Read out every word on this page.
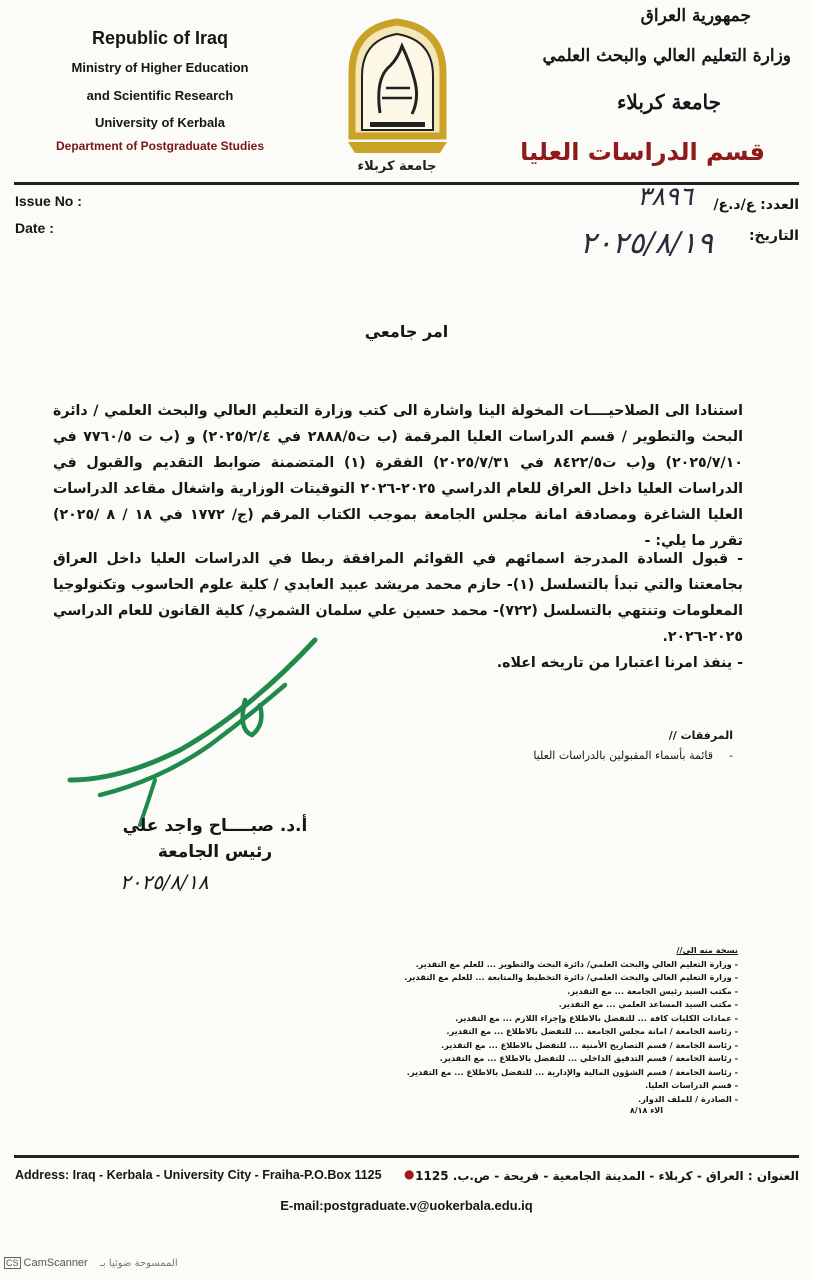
Republic of Iraq
Ministry of Higher Education
and Scientific Research
University of Kerbala
Department of Postgraduate Studies
جامعة كربلاء
جمهورية العراق
وزارة التعليم العالي والبحث العلمي
جامعة كربلاء
قسم الدراسات العليا
Issue No :
Date :
العدد: ع/د.ع/
التاريخ:
٣٨٩٦
٢٠٢٥/٨/١٩
امر جامعي
استنادا الى الصلاحيــــات المخولة الينا واشارة الى كتب وزارة التعليم العالي والبحث العلمي / دائرة البحث والتطوير / قسم الدراسات العليا المرقمة (ب ت٢٨٨٨/٥ في ٢٠٢٥/٢/٤) و (ب ت ٧٧٦٠/٥ في ٢٠٢٥/٧/١٠) و(ب ت٨٤٢٢/٥ في ٢٠٢٥/٧/٣١) الفقرة (١) المتضمنة ضوابط التقديم والقبول في الدراسات العليا داخل العراق للعام الدراسي ٢٠٢٥-٢٠٢٦ التوقيتات الوزارية واشغال مقاعد الدراسات العليا الشاغرة ومصادقة امانة مجلس الجامعة بموجب الكتاب المرقم (ج/ ١٧٧٢ في ١٨ / ٨ /٢٠٢٥) تقرر ما يلي: -
- قبول السادة المدرجة اسمائهم في القوائم المرافقة ربطا في الدراسات العليا داخل العراق بجامعتنا والتي تبدأ بالتسلسل (١)- حازم محمد مريشد عبيد العابدي / كلية علوم الحاسوب وتكنولوجيا المعلومات وتنتهي بالتسلسل (٧٢٢)- محمد حسين علي سلمان الشمري/ كلية القانون للعام الدراسي ٢٠٢٥-٢٠٢٦.
- ينفذ امرنا اعتبارا من تاريخه اعلاه.
المرفقات //
-
قائمة بأسماء المقبولين بالدراسات العليا
أ.د. صبــــاح واجد علي
رئيس الجامعة
٢٠٢٥/٨/١٨
نسخة منه الى//
- وزارة التعليم العالي والبحث العلمي/ دائرة البحث والتطوير ... للعلم مع التقدير.
- وزارة التعليم العالي والبحث العلمي/ دائرة التخطيط والمتابعة ... للعلم مع التقدير.
- مكتب السيد رئيس الجامعة ... مع التقدير.
- مكتب السيد المساعد العلمي ... مع التقدير.
- عمادات الكليات كافة ... للتفضل بالاطلاع وإجراء اللازم ... مع التقدير.
- رئاسة الجامعة / امانة مجلس الجامعة ... للتفضل بالاطلاع ... مع التقدير.
- رئاسة الجامعة / قسم التصاريح الأمنية ... للتفضل بالاطلاع ... مع التقدير.
- رئاسة الجامعة / قسم التدقيق الداخلي ... للتفضل بالاطلاع ... مع التقدير.
- رئاسة الجامعة / قسم الشؤون المالية والإدارية ... للتفضل بالاطلاع ... مع التقدير.
- قسم الدراسات العليا.
- الصادرة / للملف الدوار.
الاء ٨/١٨
Address: Iraq - Kerbala - University City - Fraiha-P.O.Box 1125 ● العنوان : العراق - كربلاء - المدينة الجامعية - فريحة - ص.ب. 1125
E-mail:postgraduate.v@uokerbala.edu.iq
CS CamScanner الممسوحة ضوئيا بـ
